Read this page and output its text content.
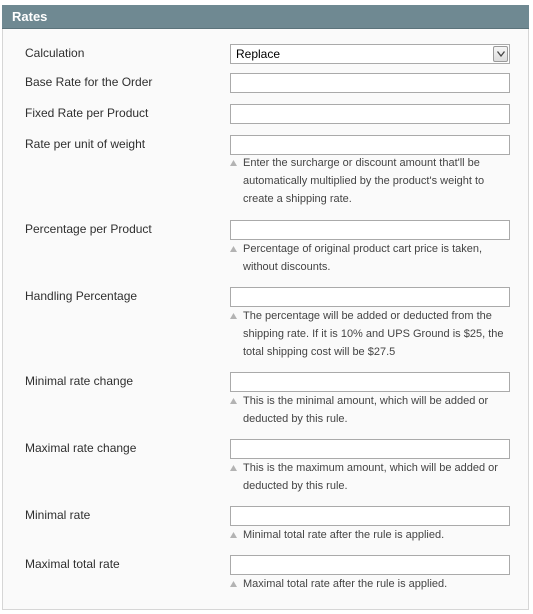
Rates
Calculation	Replace
Base Rate for the Order
Fixed Rate per Product
Rate per unit of weight
Enter the surcharge or discount amount that'll be automatically multiplied by the product's weight to create a shipping rate.
Percentage per Product
Percentage of original product cart price is taken, without discounts.
Handling Percentage
The percentage will be added or deducted from the shipping rate. If it is 10% and UPS Ground is $25, the total shipping cost will be $27.5
Minimal rate change
This is the minimal amount, which will be added or deducted by this rule.
Maximal rate change
This is the maximum amount, which will be added or deducted by this rule.
Minimal rate
Minimal total rate after the rule is applied.
Maximal total rate
Maximal total rate after the rule is applied.
